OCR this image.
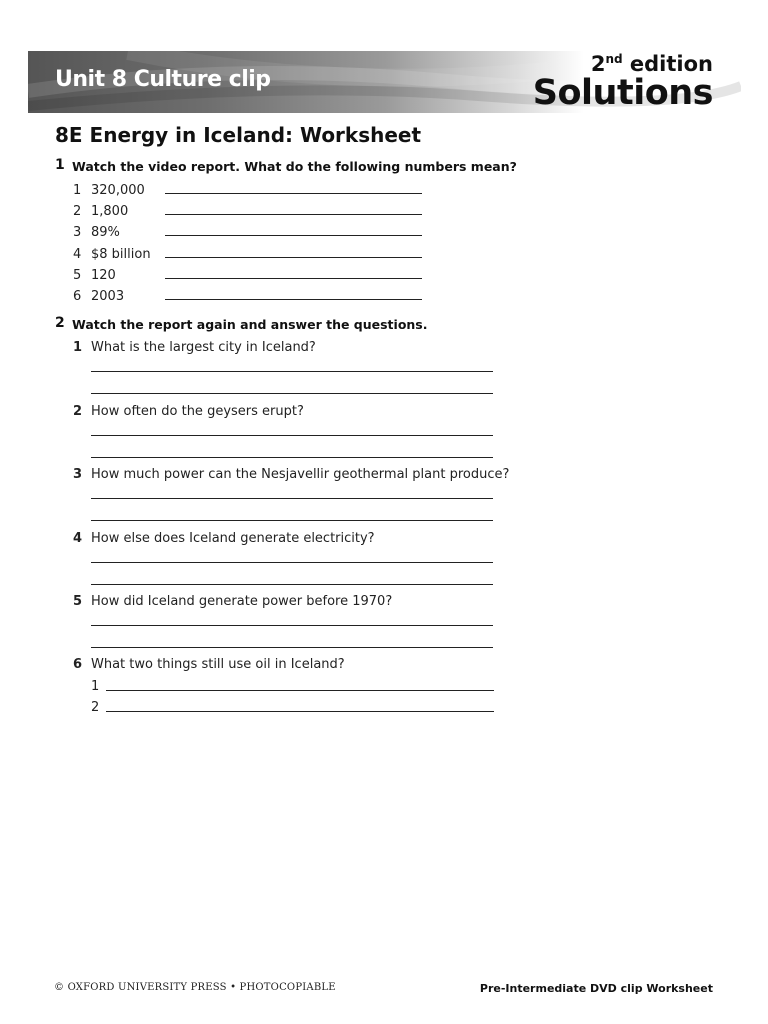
Unit 8 Culture clip
2nd edition
Solutions
8E Energy in Iceland: Worksheet
1 Watch the video report. What do the following numbers mean?
1 320,000
2 1,800
3 89%
4 $8 billion
5 120
6 2003
2 Watch the report again and answer the questions.
1 What is the largest city in Iceland?
2 How often do the geysers erupt?
3 How much power can the Nesjavellir geothermal plant produce?
4 How else does Iceland generate electricity?
5 How did Iceland generate power before 1970?
6 What two things still use oil in Iceland?
1
2
© OXFORD UNIVERSITY PRESS • PHOTOCOPIABLE	Pre-Intermediate DVD clip Worksheet
